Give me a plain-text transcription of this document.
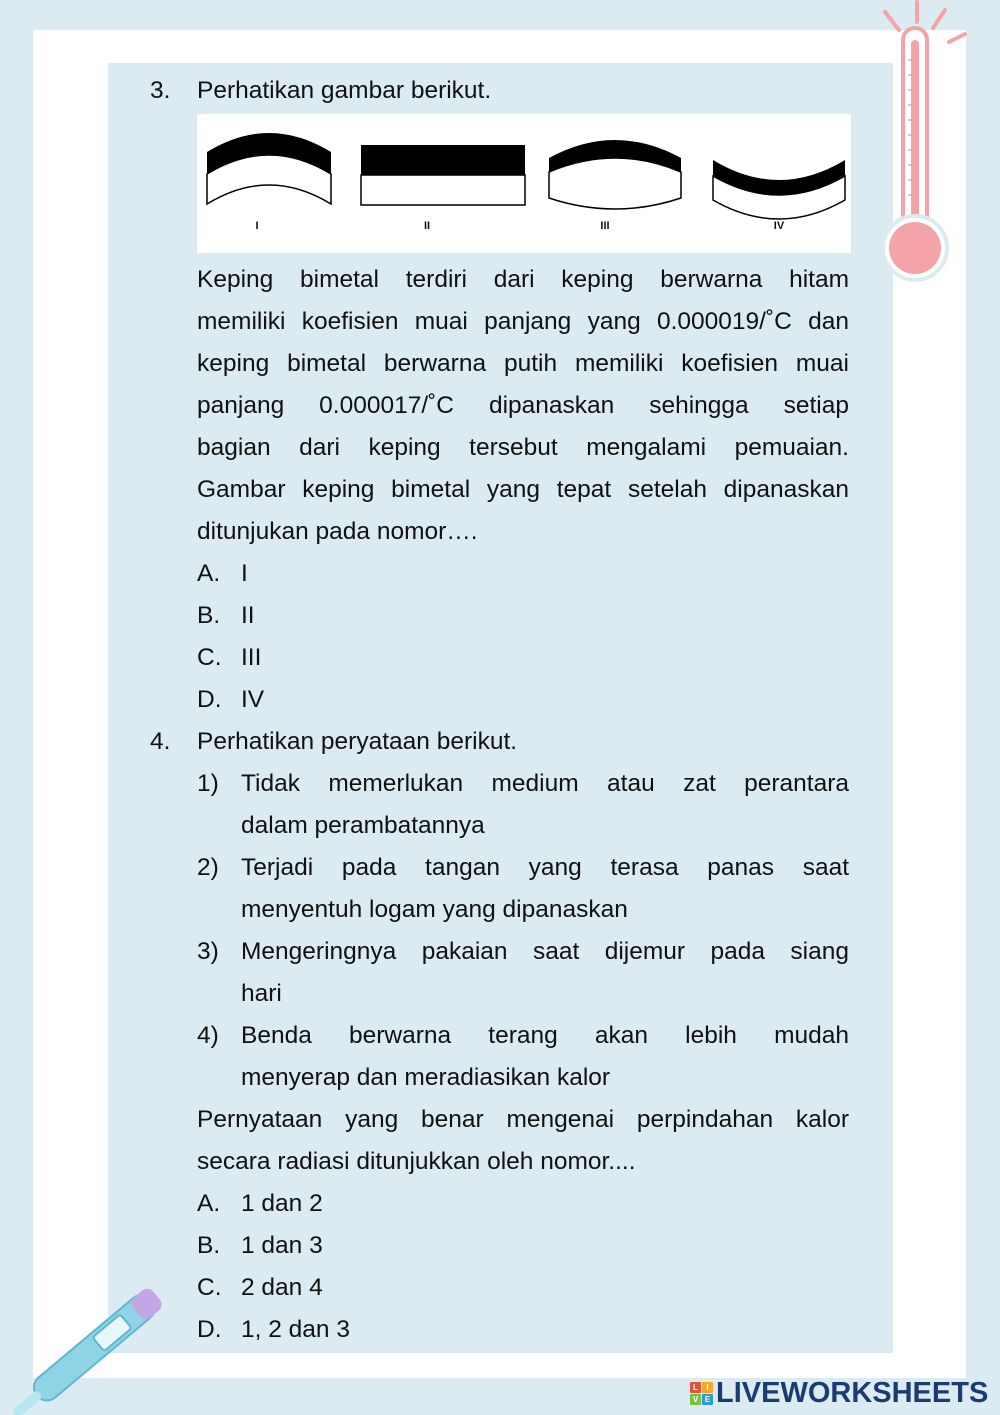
3. Perhatikan gambar berikut.
I	II	III	IV
Keping bimetal terdiri dari keping berwarna hitam
memiliki koefisien muai panjang yang 0.000019/˚C dan
keping bimetal berwarna putih memiliki koefisien muai
panjang 0.000017/˚C dipanaskan sehingga setiap
bagian dari keping tersebut mengalami pemuaian.
Gambar keping bimetal yang tepat setelah dipanaskan
ditunjukan pada nomor….
A. I
B. II
C. III
D. IV
4. Perhatikan peryataan berikut.
1) Tidak memerlukan medium atau zat perantara
dalam perambatannya
2) Terjadi pada tangan yang terasa panas saat
menyentuh logam yang dipanaskan
3) Mengeringnya pakaian saat dijemur pada siang
hari
4) Benda berwarna terang akan lebih mudah
menyerap dan meradiasikan kalor
Pernyataan yang benar mengenai perpindahan kalor
secara radiasi ditunjukkan oleh nomor....
A. 1 dan 2
B. 1 dan 3
C. 2 dan 4
D. 1, 2 dan 3
L	I
V E LIVEWORKSHEETS
